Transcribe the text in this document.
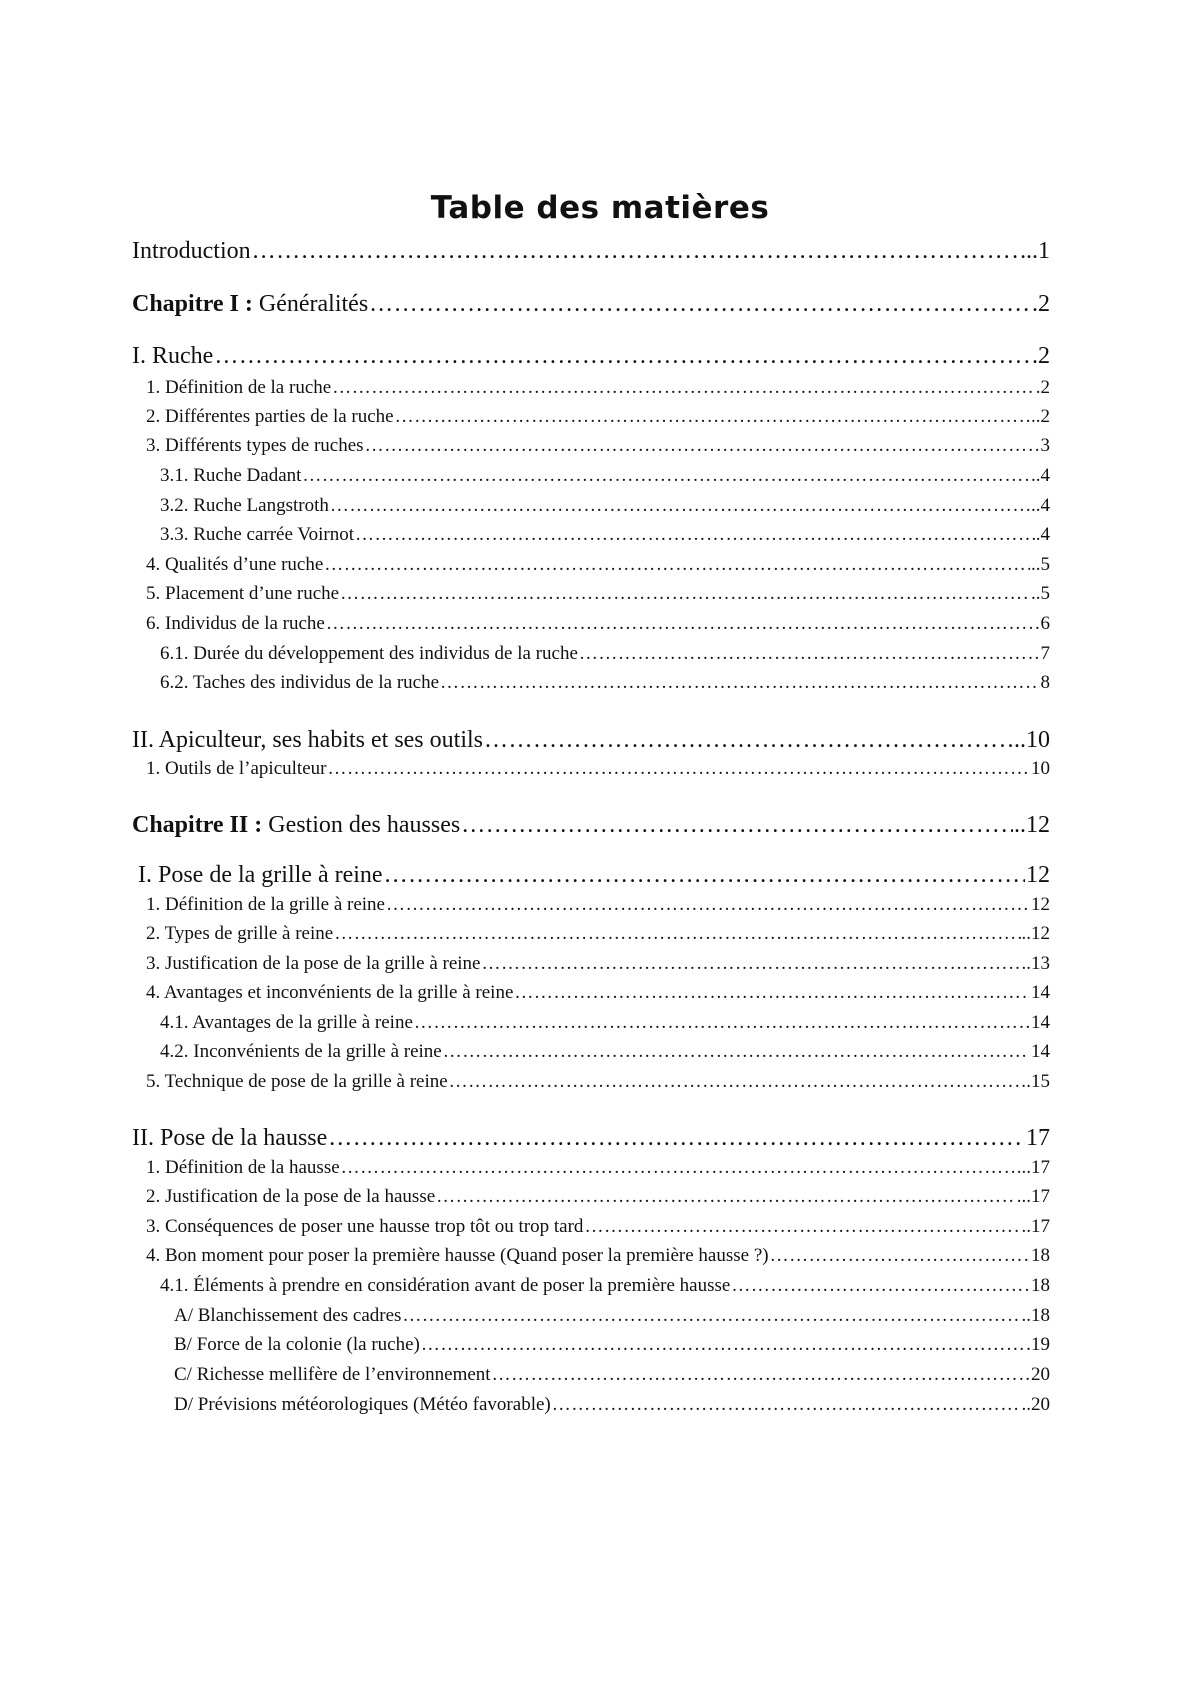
Table des matières
Introduction ………………………………………………………………………………………………………………………………………………………………………………………………………………………………………	..1
Chapitre I : Généralités ………………………………………………………………………………………………………………………………………………………………………………………………………………………………………	.2
I. Ruche ………………………………………………………………………………………………………………………………………………………………………………………………………………………………………	.2
1. Définition de la ruche ………………………………………………………………………………………………………………………………………………………………………………………………………………………………………	.2
2. Différentes parties de la ruche ………………………………………………………………………………………………………………………………………………………………………………………………………………………………………	..2
3. Différents types de ruches ………………………………………………………………………………………………………………………………………………………………………………………………………………………………………	3
3.1. Ruche Dadant ………………………………………………………………………………………………………………………………………………………………………………………………………………………………………	..4
3.2. Ruche Langstroth ………………………………………………………………………………………………………………………………………………………………………………………………………………………………………	..4
3.3. Ruche carrée Voirnot ………………………………………………………………………………………………………………………………………………………………………………………………………………………………………	.4
4. Qualités d’une ruche ………………………………………………………………………………………………………………………………………………………………………………………………………………………………………	..5
5. Placement d’une ruche ………………………………………………………………………………………………………………………………………………………………………………………………………………………………………	..5
6. Individus de la ruche ………………………………………………………………………………………………………………………………………………………………………………………………………………………………………	6
6.1. Durée du développement des individus de la ruche ………………………………………………………………………………………………………………………………………………………………………………………………………………………………………	7
6.2. Taches des individus de la ruche ………………………………………………………………………………………………………………………………………………………………………………………………………………………………………	8
II. Apiculteur, ses habits et ses outils ………………………………………………………………………………………………………………………………………………………………………………………………………………………………………	..10
1. Outils de l’apiculteur ………………………………………………………………………………………………………………………………………………………………………………………………………………………………………	10
Chapitre II : Gestion des hausses ………………………………………………………………………………………………………………………………………………………………………………………………………………………………………	..12
I. Pose de la grille à reine ………………………………………………………………………………………………………………………………………………………………………………………………………………………………………	12
1. Définition de la grille à reine ………………………………………………………………………………………………………………………………………………………………………………………………………………………………………	12
2. Types de grille à reine ………………………………………………………………………………………………………………………………………………………………………………………………………………………………………	..12
3. Justification de la pose de la grille à reine ………………………………………………………………………………………………………………………………………………………………………………………………………………………………………	..13
4. Avantages et inconvénients de la grille à reine ………………………………………………………………………………………………………………………………………………………………………………………………………………………………………	14
4.1. Avantages de la grille à reine ………………………………………………………………………………………………………………………………………………………………………………………………………………………………………	14
4.2. Inconvénients de la grille à reine ………………………………………………………………………………………………………………………………………………………………………………………………………………………………………	14
5. Technique de pose de la grille à reine ………………………………………………………………………………………………………………………………………………………………………………………………………………………………………	.15
II. Pose de la hausse ………………………………………………………………………………………………………………………………………………………………………………………………………………………………………	17
1. Définition de la hausse ………………………………………………………………………………………………………………………………………………………………………………………………………………………………………	...17
2. Justification de la pose de la hausse ………………………………………………………………………………………………………………………………………………………………………………………………………………………………………	...17
3. Conséquences de poser une hausse trop tôt ou trop tard ………………………………………………………………………………………………………………………………………………………………………………………………………………………………………	..17
4. Bon moment pour poser la première hausse (Quand poser la première hausse ?) ………………………………………………………………………………………………………………………………………………………………………………………………………………………………………	18
4.1. Éléments à prendre en considération avant de poser la première hausse ………………………………………………………………………………………………………………………………………………………………………………………………………………………………………	18
A/ Blanchissement des cadres ………………………………………………………………………………………………………………………………………………………………………………………………………………………………………	..18
B/ Force de la colonie (la ruche) ………………………………………………………………………………………………………………………………………………………………………………………………………………………………………	19
C/ Richesse mellifère de l’environnement ………………………………………………………………………………………………………………………………………………………………………………………………………………………………………	20
D/ Prévisions météorologiques (Météo favorable) ………………………………………………………………………………………………………………………………………………………………………………………………………………………………………	..20
